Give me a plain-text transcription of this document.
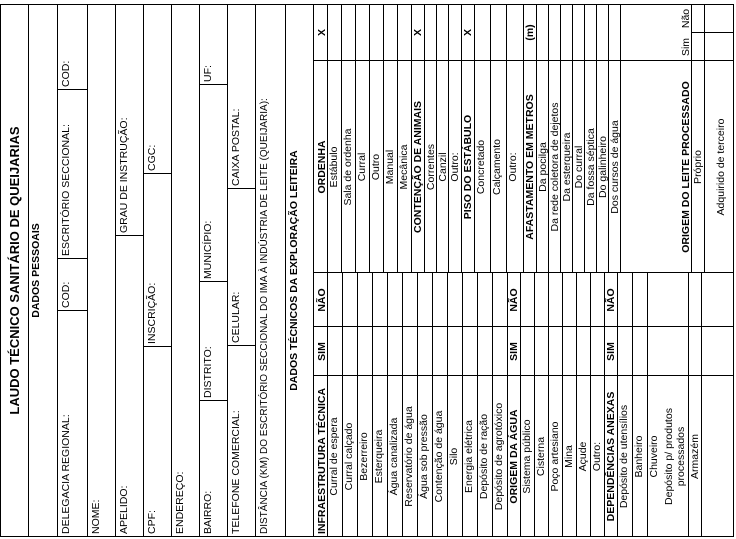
LAUDO TÉCNICO SANITÁRIO DE QUEIJARIAS DADOS PESSOAIS
DELEGACIA REGIONAL:
COD:
ESCRITÓRIO SECCIONAL:
COD:
NOME: APELIDO:
GRAU DE INSTRUÇÃO:
CPF:
INSCRIÇÃO:
CGC:
ENDEREÇO: BAIRRO:
DISTRITO:
MUNICÍPIO:
UF:
TELEFONE COMERCIAL:
CELULAR:
CAIXA POSTAL: DISTÂNCIA (KM) DO ESCRITÓRIO SECCIONAL DO IMA À INDÚSTRIA DE LEITE (QUEIJARIA): DADOS TÉCNICOS DA EXPLORAÇÃO LEITEIRA
INFRAESTRUTURA TÉCNICA
SIM
NÃO
Curral de espera Curral calçado Bezerreiro Esterqueira Água canalizada Reservatório de água Água sob pressão Contenção de água Silo Energia elétrica Depósito de ração Depósito de agrotóxico ORIGEM DA ÁGUA
SIM
NÃO
Sistema público Cisterna Poço artesiano Mina Açude Outro: DEPENDÊNCIAS ANEXAS
SIM
NÃO
Depósito de utensílios Banheiro Chuveiro Depósito p/ produtos processados Armazém
ORDENHA
X
Estábulo Sala de ordenha Curral Outro Manual Mecânica CONTENÇÃO DE ANIMAIS
X
Correntes Canzil Outro: PISO DO ESTÁBULO
X
Concretado Calçamento Outro: AFASTAMENTO EM METROS
(m)
Da pocilga Da rede coletora de dejetos Da esterqueira Do curral Da fossa séptica Do galinheiro Dos cursos de água	ORIGEM DO LEITE PROCESSADO
Sim
Não
Próprio Adquirido de terceiro
